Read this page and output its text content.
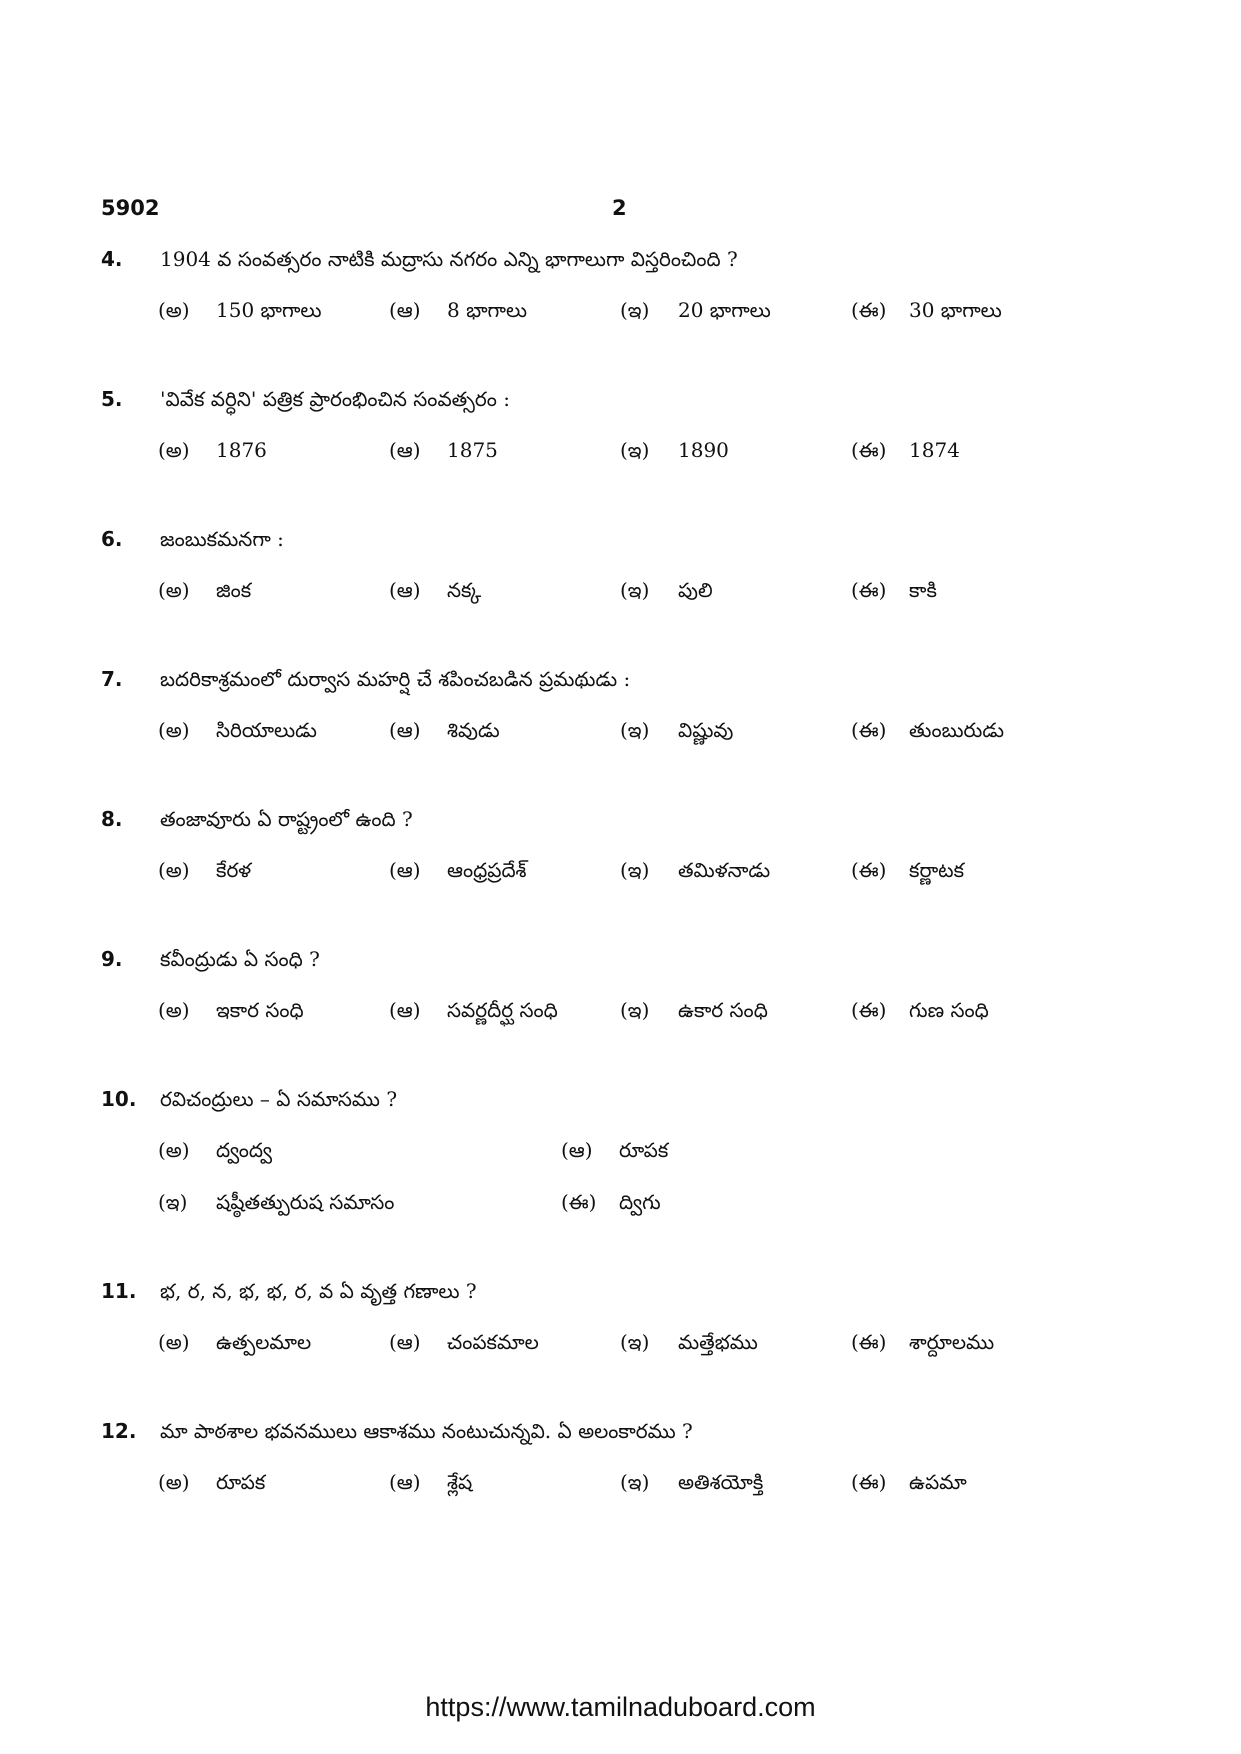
5902	2
4. 1904 వ సంవత్సరం నాటికి మద్రాసు నగరం ఎన్ని భాగాలుగా విస్తరించింది ?
(అ) 150 భాగాలు	(ఆ) 8 భాగాలు	(ఇ) 20 భాగాలు	(ఈ) 30 భాగాలు
5. 'వివేక వర్ధిని' పత్రిక ప్రారంభించిన సంవత్సరం :
(అ) 1876	(ఆ) 1875	(ఇ) 1890	(ఈ) 1874
6. జంబుకమనగా :
(అ) జింక	(ఆ) నక్క	(ఇ) పులి	(ఈ) కాకి
7. బదరికాశ్రమంలో దుర్వాస మహర్షి చే శపించబడిన ప్రమథుడు :
(అ) సిరియాలుడు	(ఆ) శివుడు	(ఇ) విష్ణువు	(ఈ) తుంబురుడు
8. తంజావూరు ఏ రాష్ట్రంలో ఉంది ?
(అ) కేరళ	(ఆ) ఆంధ్రప్రదేశ్	(ఇ) తమిళనాడు	(ఈ) కర్ణాటక
9. కవీంద్రుడు ఏ సంధి ?
(అ) ఇకార సంధి	(ఆ) సవర్ణదీర్ఘ సంధి	(ఇ) ఉకార సంధి	(ఈ) గుణ సంధి
10. రవిచంద్రులు – ఏ సమాసము ?
(అ) ద్వంద్వ	(ఆ) రూపక
(ఇ) షష్ఠీతత్పురుష సమాసం	(ఈ) ద్విగు
11. భ, ర, న, భ, భ, ర, వ ఏ వృత్త గణాలు ?
(అ) ఉత్పలమాల	(ఆ) చంపకమాల	(ఇ) మత్తేభము	(ఈ) శార్దూలము
12. మా పాఠశాల భవనములు ఆకాశము నంటుచున్నవి. ఏ అలంకారము ?
(అ) రూపక	(ఆ) శ్లేష	(ఇ) అతిశయోక్తి	(ఈ) ఉపమా
https://www.tamilnaduboard.com
